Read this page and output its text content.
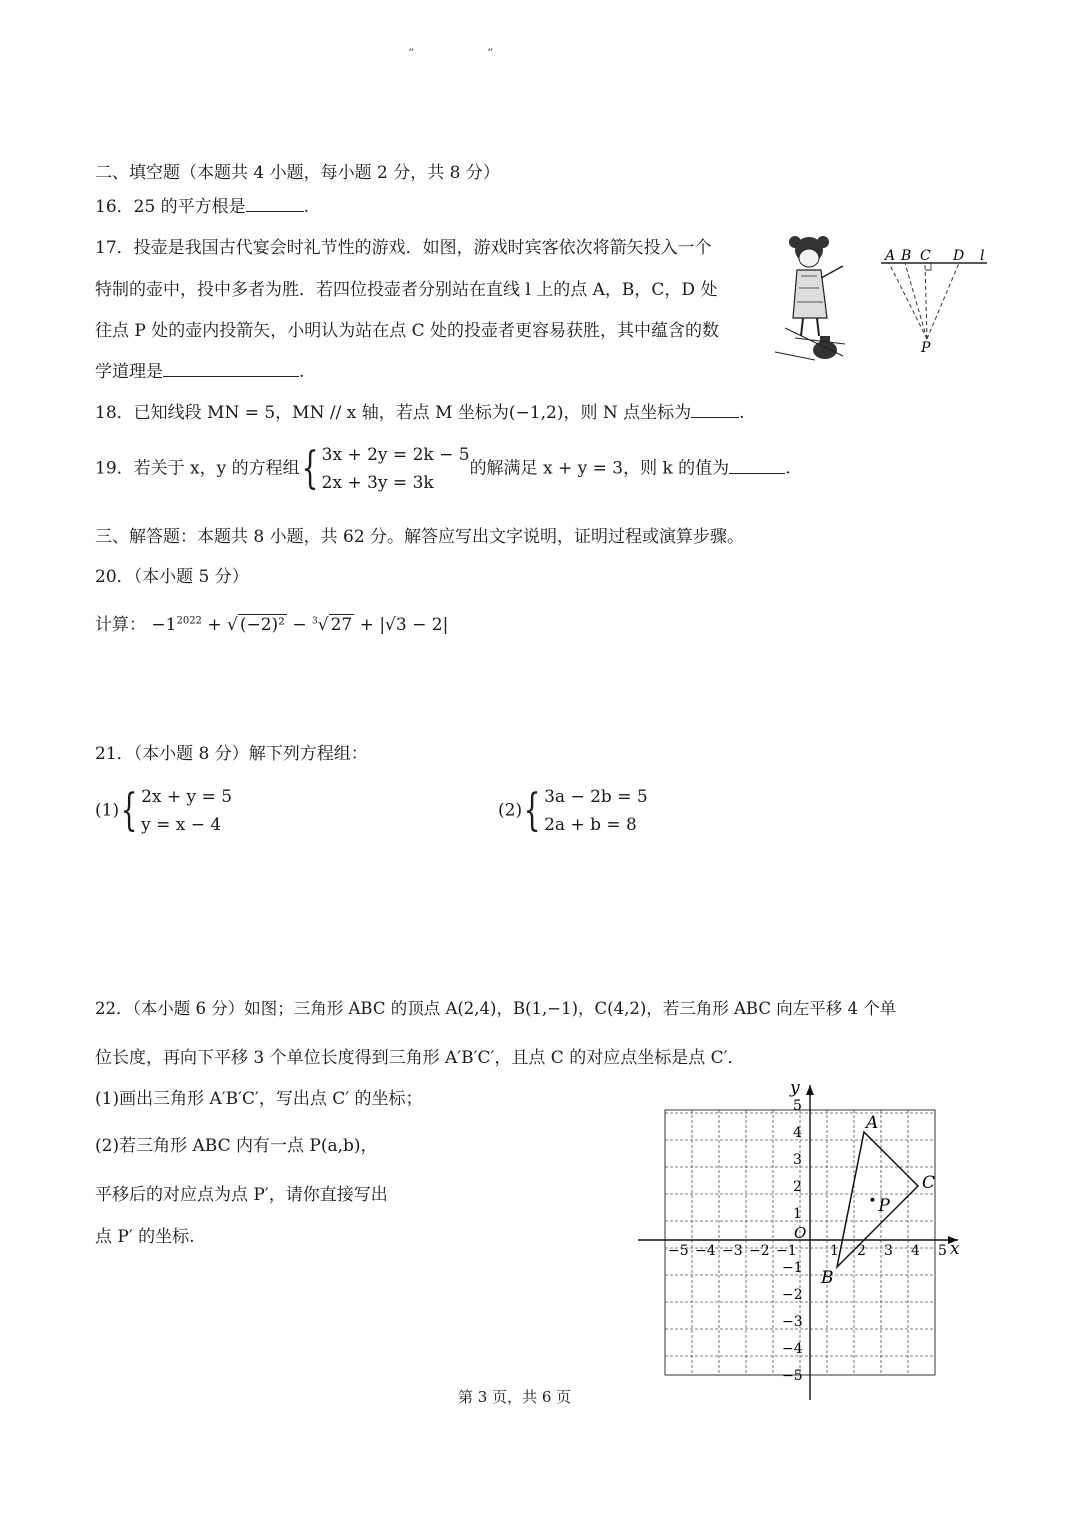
“	“
二、填空题（本题共 4 小题，每小题 2 分，共 8 分）
16．25 的平方根是	.
17．投壶是我国古代宴会时礼节性的游戏．如图，游戏时宾客依次将箭矢投入一个
特制的壶中，投中多者为胜．若四位投壶者分别站在直线 l 上的点 A，B，C，D 处
往点 P 处的壶内投箭矢，小明认为站在点 C 处的投壶者更容易获胜，其中蕴含的数
学道理是	.
A B C D l
P
18．已知线段 MN = 5，MN // x 轴，若点 M 坐标为(−1,2)，则 N 点坐标为	.
19．若关于 x，y 的方程组 { 3x + 2y = 2k − 5
2x + 3y = 3k
的解满足 x + y = 3，则 k 的值为	.
三、解答题：本题共 8 小题，共 62 分。解答应写出文字说明，证明过程或演算步骤。
20．（本小题 5 分）
计算： $-1^{2022}$ + √ (−2)² − $^3$√ 27 + |√3 − 2|
21．（本小题 8 分）解下列方程组：
(1) { 2x + y = 5
y = x − 4
(2) { 3a − 2b = 5
2a + b = 8
22．（本小题 6 分）如图；三角形 ABC 的顶点 A(2,4)，B(1,−1)，C(4,2)，若三角形 ABC 向左平移 4 个单
位长度，再向下平移 3 个单位长度得到三角形 A′B′C′，且点 C 的对应点坐标是点 C′．
(1)画出三角形 A′B′C′，写出点 C′ 的坐标；
(2)若三角形 ABC 内有一点 P(a,b)，
平移后的对应点为点 P′，请你直接写出
点 P′ 的坐标.
x
y
O
−5 −4 −3 −2 −1 1 2 3 4 5
5
4
3
2
1
−1
−2
−3
−4
−5
A
B
C
P
第 3 页，共 6 页
